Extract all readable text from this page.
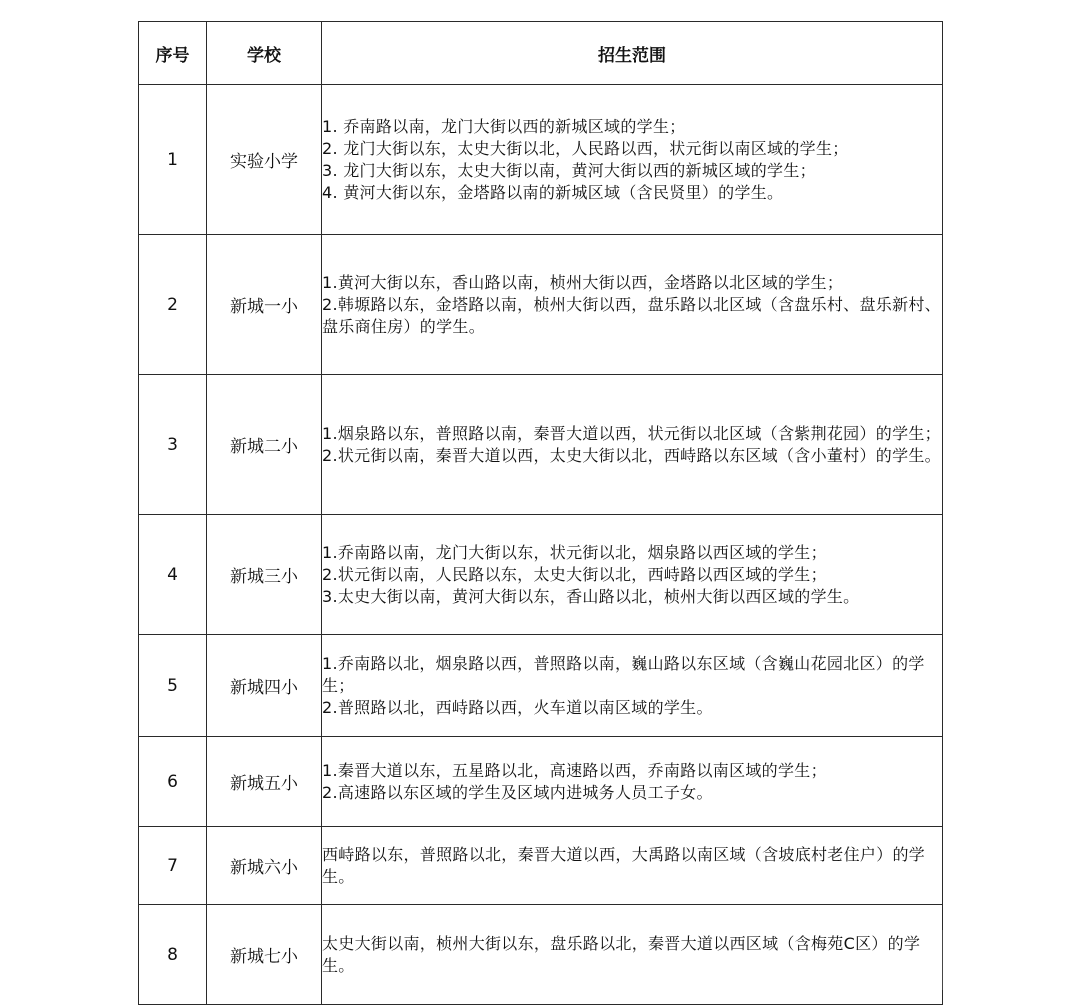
序号	学校	招生范围
1	实验小学	1. 乔南路以南，龙门大街以西的新城区域的学生；
2. 龙门大街以东，太史大街以北，人民路以西，状元街以南区域的学生；
3. 龙门大街以东，太史大街以南，黄河大街以西的新城区域的学生；
4. 黄河大街以东，金塔路以南的新城区域（含民贤里）的学生。

2	新城一小	1.黄河大街以东，香山路以南，桢州大街以西，金塔路以北区域的学生；
2.韩塬路以东，金塔路以南，桢州大街以西，盘乐路以北区域（含盘乐村、盘乐新村、盘乐商住房）的学生。

3	新城二小	1.烟泉路以东，普照路以南，秦晋大道以西，状元街以北区域（含紫荆花园）的学生；
2.状元街以南，秦晋大道以西，太史大街以北，西峙路以东区域（含小董村）的学生。

4	新城三小	1.乔南路以南，龙门大街以东，状元街以北，烟泉路以西区域的学生；
2.状元街以南，人民路以东，太史大街以北，西峙路以西区域的学生；
3.太史大街以南，黄河大街以东，香山路以北，桢州大街以西区域的学生。

5	新城四小	1.乔南路以北，烟泉路以西，普照路以南，巍山路以东区域（含巍山花园北区）的学生；
2.普照路以北，西峙路以西，火车道以南区域的学生。

6	新城五小	1.秦晋大道以东，五星路以北，高速路以西，乔南路以南区域的学生；
2.高速路以东区域的学生及区域内进城务人员工子女。

7	新城六小	西峙路以东，普照路以北，秦晋大道以西，大禹路以南区域（含坡底村老住户）的学生。

8	新城七小	太史大街以南，桢州大街以东，盘乐路以北，秦晋大道以西区域（含梅苑C区）的学生。
